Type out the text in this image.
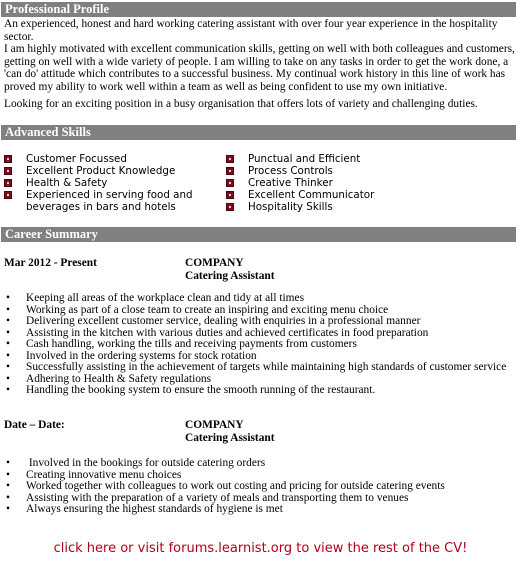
Professional Profile
An experienced, honest and hard working catering assistant with over four year experience in the hospitality sector.
I am highly motivated with excellent communication skills, getting on well with both colleagues and customers,
getting on well with a wide variety of people. I am willing to take on any tasks in order to get the work done, a
'can do' attitude which contributes to a successful business. My continual work history in this line of work has
proved my ability to work well within a team as well as being confident to use my own initiative.
Looking for an exciting position in a busy organisation that offers lots of variety and challenging duties.
Advanced Skills
Customer Focussed
Excellent Product Knowledge
Health & Safety
Experienced in serving food and
beverages in bars and hotels
Punctual and Efficient
Process Controls
Creative Thinker
Excellent Communicator
Hospitality Skills
Career Summary
Mar 2012 - Present	COMPANY
Catering Assistant
• Keeping all areas of the workplace clean and tidy at all times
• Working as part of a close team to create an inspiring and exciting menu choice
• Delivering excellent customer service, dealing with enquiries in a professional manner
• Assisting in the kitchen with various duties and achieved certificates in food preparation
• Cash handling, working the tills and receiving payments from customers
• Involved in the ordering systems for stock rotation
• Successfully assisting in the achievement of targets while maintaining high standards of customer service
• Adhering to Health & Safety regulations
• Handling the booking system to ensure the smooth running of the restaurant.
Date – Date:	COMPANY
Catering Assistant
• Involved in the bookings for outside catering orders
• Creating innovative menu choices
• Worked together with colleagues to work out costing and pricing for outside catering events
• Assisting with the preparation of a variety of meals and transporting them to venues
• Always ensuring the highest standards of hygiene is met
click here or visit forums.learnist.org to view the rest of the CV!
